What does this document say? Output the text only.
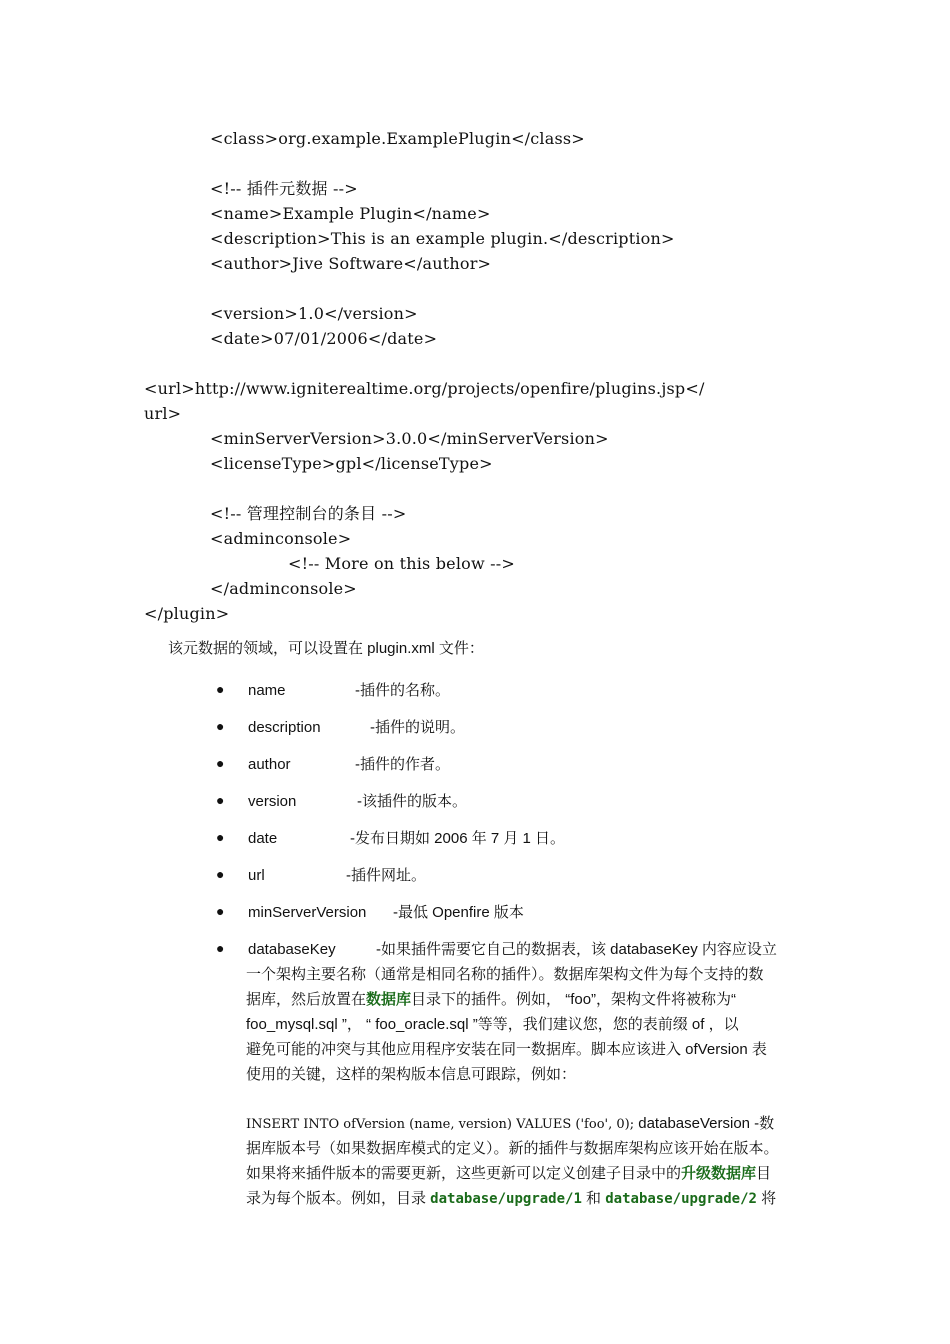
<class>org.example.ExamplePlugin</class>
<!-- 插件元数据 -->
<name>Example Plugin</name>
<description>This is an example plugin.</description>
<author>Jive Software</author>
<version>1.0</version>
<date>07/01/2006</date>
<url>http://www.igniterealtime.org/projects/openfire/plugins.jsp</
url>
<minServerVersion>3.0.0</minServerVersion>
<licenseType>gpl</licenseType>
<!-- 管理控制台的条目 -->
<adminconsole>
<!-- More on this below -->
</adminconsole>
</plugin>
该元数据的领域，可以设置在 plugin.xml 文件：
● name	-插件的名称。
● description	-插件的说明。
● author	-插件的作者。
● version	-该插件的版本。
● date	-发布日期如 2006 年 7 月 1 日。
● url	-插件网址。
● minServerVersion -最低 Openfire 版本
● databaseKey	-如果插件需要它自己的数据表，该 databaseKey 内容应设立
一个架构主要名称（通常是相同名称的插件）。数据库架构文件为每个支持的数
据库，然后放置在数据库目录下的插件。例如， “foo”，架构文件将被称为“
foo_mysql.sql ”， “ foo_oracle.sql ”等等，我们建议您，您的表前缀 of ，以
避免可能的冲突与其他应用程序安装在同一数据库。脚本应该进入 ofVersion 表
使用的关键，这样的架构版本信息可跟踪，例如：
INSERT INTO ofVersion (name, version) VALUES ('foo', 0); databaseVersion -数
据库版本号（如果数据库模式的定义）。新的插件与数据库架构应该开始在版本。
如果将来插件版本的需要更新，这些更新可以定义创建子目录中的升级数据库目
录为每个版本。例如，目录 database/upgrade/1 和 database/upgrade/2 将
